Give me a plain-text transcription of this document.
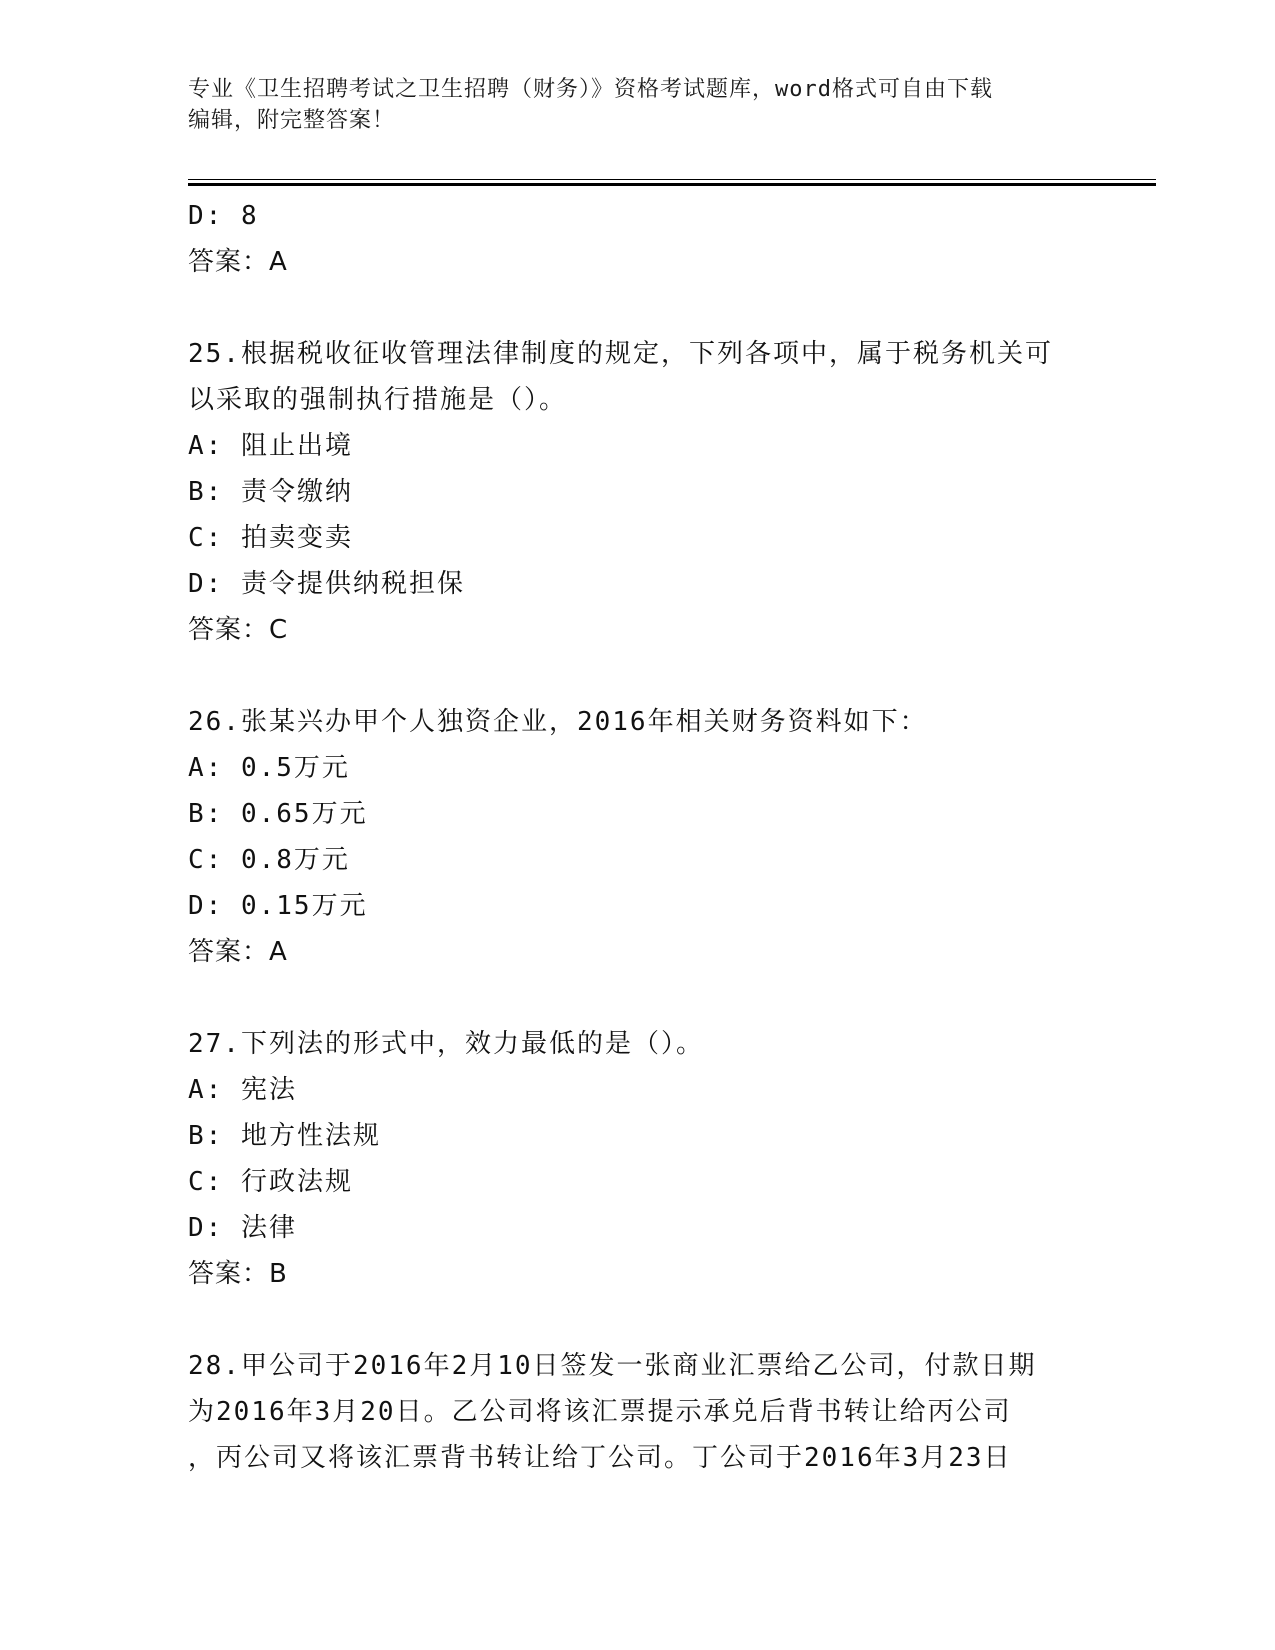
专业《卫生招聘考试之卫生招聘（财务）》资格考试题库，word格式可自由下载
编辑，附完整答案！
D: 8
答案：A
25.根据税收征收管理法律制度的规定，下列各项中，属于税务机关可
以采取的强制执行措施是（）。
A: 阻止出境
B: 责令缴纳
C: 拍卖变卖
D: 责令提供纳税担保
答案：C
26.张某兴办甲个人独资企业，2016年相关财务资料如下：
A: 0.5万元
B: 0.65万元
C: 0.8万元
D: 0.15万元
答案：A
27.下列法的形式中，效力最低的是（）。
A: 宪法
B: 地方性法规
C: 行政法规
D: 法律
答案：B
28.甲公司于2016年2月10日签发一张商业汇票给乙公司，付款日期
为2016年3月20日。乙公司将该汇票提示承兑后背书转让给丙公司
，丙公司又将该汇票背书转让给丁公司。丁公司于2016年3月23日
